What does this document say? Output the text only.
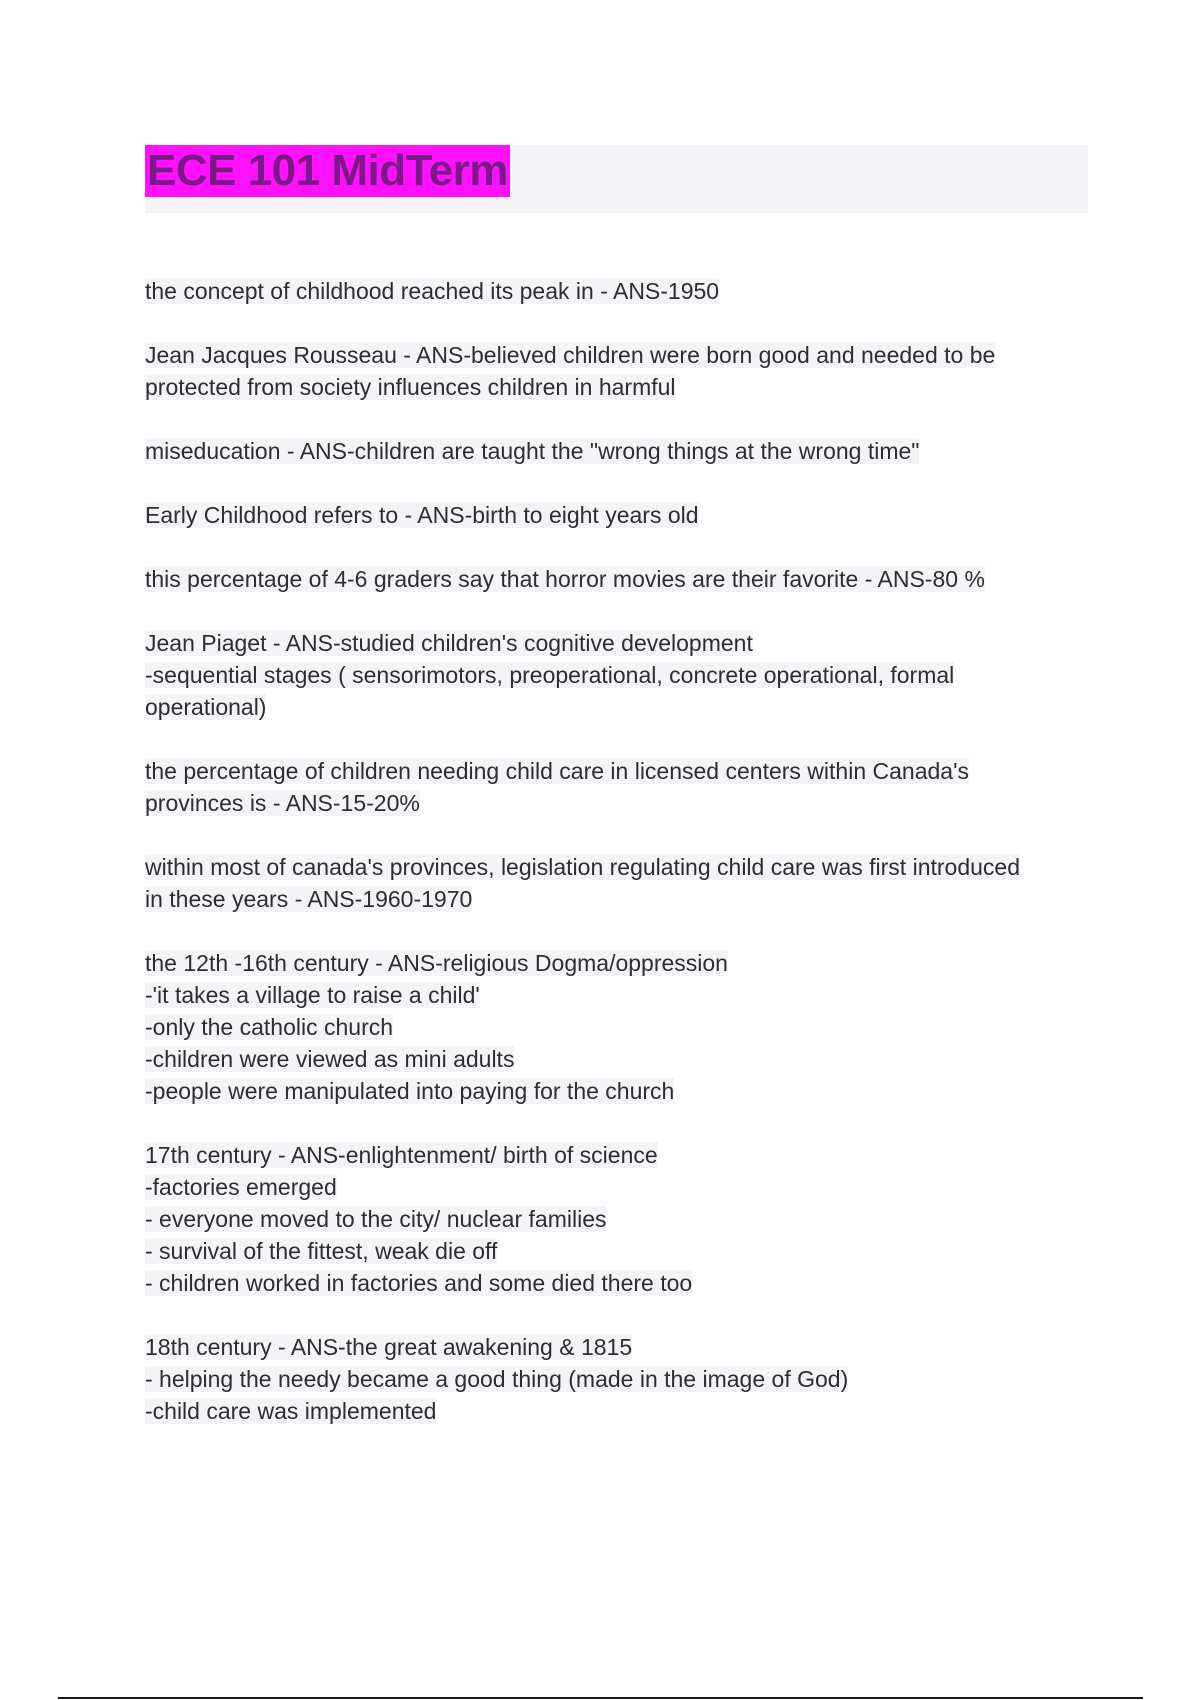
ECE 101 MidTerm
the concept of childhood reached its peak in - ANS-1950
Jean Jacques Rousseau - ANS-believed children were born good and needed to be
protected from society influences children in harmful
miseducation - ANS-children are taught the "wrong things at the wrong time"
Early Childhood refers to - ANS-birth to eight years old
this percentage of 4-6 graders say that horror movies are their favorite - ANS-80 %
Jean Piaget - ANS-studied children's cognitive development
-sequential stages ( sensorimotors, preoperational, concrete operational, formal
operational)
the percentage of children needing child care in licensed centers within Canada's
provinces is - ANS-15-20%
within most of canada's provinces, legislation regulating child care was first introduced
in these years - ANS-1960-1970
the 12th -16th century - ANS-religious Dogma/oppression
-'it takes a village to raise a child'
-only the catholic church
-children were viewed as mini adults
-people were manipulated into paying for the church
17th century - ANS-enlightenment/ birth of science
-factories emerged
- everyone moved to the city/ nuclear families
- survival of the fittest, weak die off
- children worked in factories and some died there too
18th century - ANS-the great awakening & 1815
- helping the needy became a good thing (made in the image of God)
-child care was implemented
